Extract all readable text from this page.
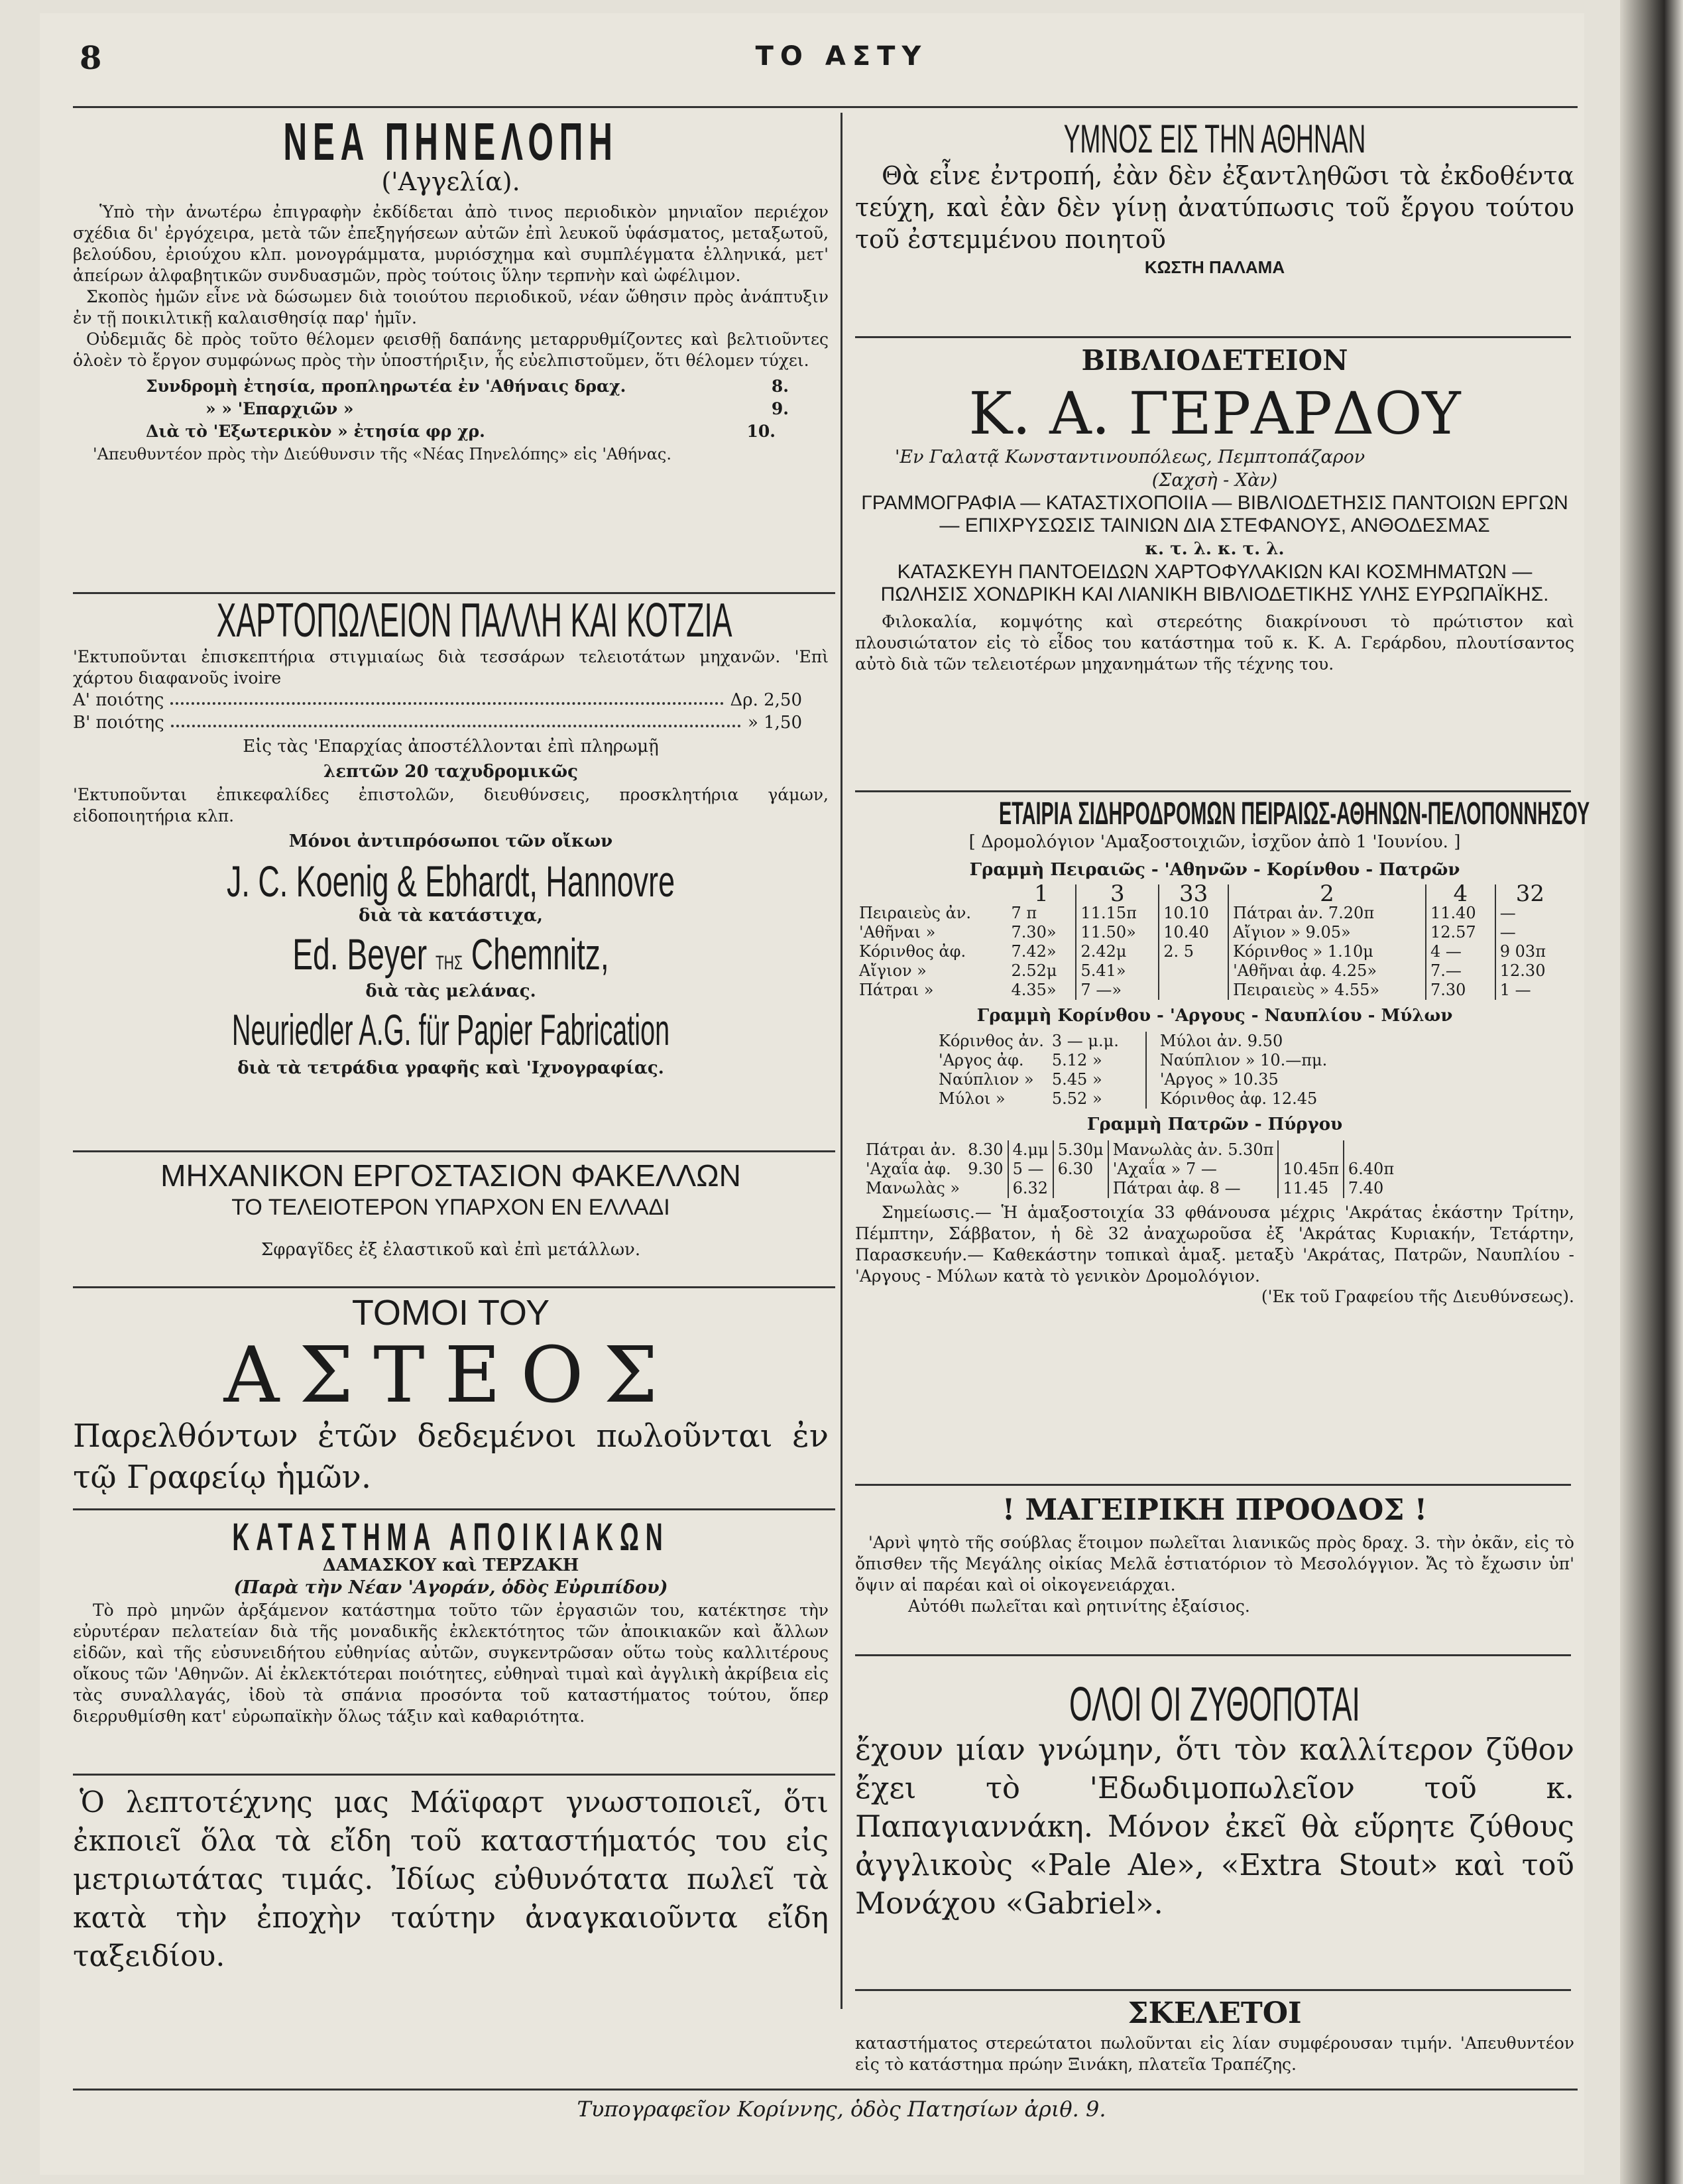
8	ΤΟ ΑΣΤΥ
ΝΕΑ ΠΗΝΕΛΟΠΗ
('Αγγελία).

Ὑπὸ τὴν ἀνωτέρω ἐπιγραφὴν ἐκδίδεται ἀπὸ τινος περιοδικὸν μηνιαῖον περιέχον σχέδια δι' ἐργόχειρα, μετὰ τῶν ἐπεξηγήσεων αὐτῶν ἐπὶ λευκοῦ ὑφάσματος, μεταξωτοῦ, βελούδου, ἐριούχου κλπ. μονογράμματα, μυριόσχημα καὶ συμπλέγματα ἑλληνικά, μετ' ἀπείρων ἀλφαβητικῶν συνδυασμῶν, πρὸς τούτοις ὕλην τερπνὴν καὶ ὠφέλιμον.

Σκοπὸς ἡμῶν εἶνε νὰ δώσωμεν διὰ τοιούτου περιοδικοῦ, νέαν ὤθησιν πρὸς ἀνάπτυξιν ἐν τῇ ποικιλτικῇ καλαισθησίᾳ παρ' ἡμῖν.

Οὐδεμιᾶς δὲ πρὸς τοῦτο θέλομεν φεισθῇ δαπάνης μεταρρυθμίζοντες καὶ βελτιοῦντες ὁλοὲν τὸ ἔργον συμφώνως πρὸς τὴν ὑποστήριξιν, ἧς εὐελπιστοῦμεν, ὅτι θέλομεν τύχει.

Συνδρομὴ ἐτησία, προπληρωτέα ἐν 'Αθήναις δραχ.	8.
» » 'Επαρχιῶν »	9.
Διὰ τὸ 'Εξωτερικὸν » ἐτησία φρ χρ.	10.
'Απευθυντέον πρὸς τὴν Διεύθυνσιν τῆς «Νέας Πηνελόπης» εἰς 'Αθήνας.
ΧΑΡΤΟΠΩΛΕΙΟΝ ΠΑΛΛΗ ΚΑΙ ΚΟΤΖΙΑ

'Εκτυποῦνται ἐπισκεπτήρια στιγμιαίως διὰ τεσσάρων τελειοτάτων μηχανῶν. 'Επὶ χάρτου διαφανοῦς ivoire

Α' ποιότης	Δρ. 2,50
Β' ποιότης	» 1,50
Εἰς τὰς 'Επαρχίας ἀποστέλλονται ἐπὶ πληρωμῇ
λεπτῶν 20 ταχυδρομικῶς

'Εκτυποῦνται ἐπικεφαλίδες ἐπιστολῶν, διευθύνσεις, προσκλητήρια γάμων, εἰδοποιητήρια κλπ.

Μόνοι ἀντιπρόσωποι τῶν οἴκων
J. C. Koenig & Ebhardt, Hannovre
διὰ τὰ κατάστιχα,
Ed. Beyer ΤΗΣ Chemnitz,
διὰ τὰς μελάνας.
Neuriedler A.G. für Papier Fabrication
διὰ τὰ τετράδια γραφῆς καὶ 'Ιχνογραφίας.
ΜΗΧΑΝΙΚΟΝ ΕΡΓΟΣΤΑΣΙΟΝ ΦΑΚΕΛΛΩΝ
ΤΟ ΤΕΛΕΙΟΤΕΡΟΝ ΥΠΑΡΧΟΝ ΕΝ ΕΛΛΑΔΙ
Σφραγῖδες ἐξ ἐλαστικοῦ καὶ ἐπὶ μετάλλων.
ΤΟΜΟΙ ΤΟΥ
ΑΣΤΕΟΣ
Παρελθόντων ἐτῶν δεδεμένοι πωλοῦνται ἐν τῷ Γραφείῳ ἡμῶν.
ΚΑΤΑΣΤΗΜΑ ΑΠΟΙΚΙΑΚΩΝ
ΔΑΜΑΣΚΟΥ καὶ ΤΕΡΖΑΚΗ
(Παρὰ τὴν Νέαν 'Αγοράν, ὁδὸς Εὐριπίδου)

Τὸ πρὸ μηνῶν ἀρξάμενον κατάστημα τοῦτο τῶν ἐργασιῶν του, κατέκτησε τὴν εὐρυτέραν πελατείαν διὰ τῆς μοναδικῆς ἐκλεκτότητος τῶν ἀποικιακῶν καὶ ἄλλων εἰδῶν, καὶ τῆς εὐσυνειδήτου εὐθηνίας αὐτῶν, συγκεντρῶσαν οὕτω τοὺς καλλιτέρους οἴκους τῶν 'Αθηνῶν. Αἱ ἐκλεκτότεραι ποιότητες, εὐθηναὶ τιμαὶ καὶ ἀγγλικὴ ἀκρίβεια εἰς τὰς συναλλαγάς, ἰδοὺ τὰ σπάνια προσόντα τοῦ καταστήματος τούτου, ὅπερ διερρυθμίσθη κατ' εὐρωπαϊκὴν ὅλως τάξιν καὶ καθαριότητα.

Ὁ λεπτοτέχνης μας Μάϊφαρτ γνωστοποιεῖ, ὅτι ἐκποιεῖ ὅλα τὰ εἴδη τοῦ καταστήματός του εἰς μετριωτάτας τιμάς. Ἰδίως εὐθυνότατα πωλεῖ τὰ κατὰ τὴν ἐποχὴν ταύτην ἀναγκαιοῦντα εἴδη ταξειδίου.

ΥΜΝΟΣ ΕΙΣ ΤΗΝ ΑΘΗΝΑΝ

Θὰ εἶνε ἐντροπή, ἐὰν δὲν ἐξαντληθῶσι τὰ ἐκδοθέντα τεύχη, καὶ ἐὰν δὲν γίνῃ ἀνατύπωσις τοῦ ἔργου τούτου τοῦ ἐστεμμένου ποιητοῦ

ΚΩΣΤΗ ΠΑΛΑΜΑ
ΒΙΒΛΙΟΔΕΤΕΙΟΝ
Κ. Α. ΓΕΡΑΡΔΟΥ
'Εν Γαλατᾷ Κωνσταντινουπόλεως, Πεμπτοπάζαρον
(Σαχσὴ - Χὰν)

ΓΡΑΜΜΟΓΡΑΦΙΑ — ΚΑΤΑΣΤΙΧΟΠΟΙΙΑ — ΒΙΒΛΙΟΔΕΤΗΣΙΣ ΠΑΝΤΟΙΩΝ ΕΡΓΩΝ — ΕΠΙΧΡΥΣΩΣΙΣ ΤΑΙΝΙΩΝ ΔΙΑ ΣΤΕΦΑΝΟΥΣ, ΑΝΘΟΔΕΣΜΑΣ

κ. τ. λ. κ. τ. λ.

ΚΑΤΑΣΚΕΥΗ ΠΑΝΤΟΕΙΔΩΝ ΧΑΡΤΟΦΥΛΑΚΙΩΝ ΚΑΙ ΚΟΣΜΗΜΑΤΩΝ — ΠΩΛΗΣΙΣ ΧΟΝΔΡΙΚΗ ΚΑΙ ΛΙΑΝΙΚΗ ΒΙΒΛΙΟΔΕΤΙΚΗΣ ΥΛΗΣ ΕΥΡΩΠΑΪΚΗΣ.

Φιλοκαλία, κομψότης καὶ στερεότης διακρίνουσι τὸ πρώτιστον καὶ πλουσιώτατον εἰς τὸ εἶδος του κατάστημα τοῦ κ. Κ. Α. Γεράρδου, πλουτίσαντος αὐτὸ διὰ τῶν τελειοτέρων μηχανημάτων τῆς τέχνης του.

ΕΤΑΙΡΙΑ ΣΙΔΗΡΟΔΡΟΜΩΝ ΠΕΙΡΑΙΩΣ-ΑΘΗΝΩΝ-ΠΕΛΟΠΟΝΝΗΣΟΥ
[ Δρομολόγιον 'Αμαξοστοιχιῶν, ἰσχῦον ἀπὸ 1 'Ιουνίου. ]
Γραμμὴ Πειραιῶς - 'Αθηνῶν - Κορίνθου - Πατρῶν
	1	3	33	2	4	32
Πειραιεὺς ἀν.	7 π	11.15π	10.10	Πάτραι ἀν. 7.20π	11.40	—
'Αθῆναι »	7.30»	11.50»	10.40	Αἴγιον » 9.05»	12.57	—
Κόρινθος ἀφ.	7.42»	2.42μ	2. 5	Κόρινθος » 1.10μ	4 —	9 03π
Αἴγιον »	2.52μ	5.41»		'Αθῆναι ἀφ. 4.25»	7.—	12.30
Πάτραι »	4.35»	7 —»		Πειραιεὺς » 4.55»	7.30	1 —
Γραμμὴ Κορίνθου - 'Αργους - Ναυπλίου - Μύλων
Κόρινθος ἀν.	3 — μ.μ.	Μύλοι ἀν. 9.50
'Αργος ἀφ.	5.12 »	Ναύπλιον » 10.—πμ.
Ναύπλιον »	5.45 »	'Αργος » 10.35
Μύλοι »	5.52 »	Κόρινθος ἀφ. 12.45
Γραμμὴ Πατρῶν - Πύργου
Πάτραι ἀν.	8.30	4.μμ	5.30μ	Μανωλὰς ἀν. 5.30π		
'Αχαΐα ἀφ.	9.30	5 —	6.30	'Αχαΐα » 7 —	10.45π	6.40π
Μανωλὰς »		6.32		Πάτραι ἀφ. 8 —	11.45	7.40

Σημείωσις.— Ἡ ἁμαξοστοιχία 33 φθάνουσα μέχρις 'Ακράτας ἑκάστην Τρίτην, Πέμπτην, Σάββατον, ἡ δὲ 32 ἀναχωροῦσα ἐξ 'Ακράτας Κυριακήν, Τετάρτην, Παρασκευήν.— Καθεκάστην τοπικαὶ ἁμαξ. μεταξὺ 'Ακράτας, Πατρῶν, Ναυπλίου - 'Αργους - Μύλων κατὰ τὸ γενικὸν Δρομολόγιον.

('Εκ τοῦ Γραφείου τῆς Διευθύνσεως).
! ΜΑΓΕΙΡΙΚΗ ΠΡΟΟΔΟΣ !

'Αρνὶ ψητὸ τῆς σούβλας ἕτοιμον πωλεῖται λιανικῶς πρὸς δραχ. 3. τὴν ὀκᾶν, εἰς τὸ ὄπισθεν τῆς Μεγάλης οἰκίας Μελᾶ ἑστιατόριον τὸ Μεσολόγγιον. Ἄς τὸ ἔχωσιν ὑπ' ὄψιν αἱ παρέαι καὶ οἱ οἰκογενειάρχαι.

Αὐτόθι πωλεῖται καὶ ρητινίτης ἐξαίσιος.

ΟΛΟΙ ΟΙ ΖΥΘΟΠΟΤΑΙ

ἔχουν μίαν γνώμην, ὅτι τὸν καλλίτερον ζῦθον ἔχει τὸ 'Εδωδιμοπωλεῖον τοῦ κ. Παπαγιαννάκη. Μόνον ἐκεῖ θὰ εὕρητε ζύθους ἀγγλικοὺς «Pale Ale», «Extra Stout» καὶ τοῦ Μονάχου «Gabriel».

ΣΚΕΛΕΤΟΙ

καταστήματος στερεώτατοι πωλοῦνται εἰς λίαν συμφέρουσαν τιμήν. 'Απευθυντέον εἰς τὸ κατάστημα πρώην Ξινάκη, πλατεῖα Τραπέζης.

Τυπογραφεῖον Κορίννης, ὁδὸς Πατησίων ἀριθ. 9.
